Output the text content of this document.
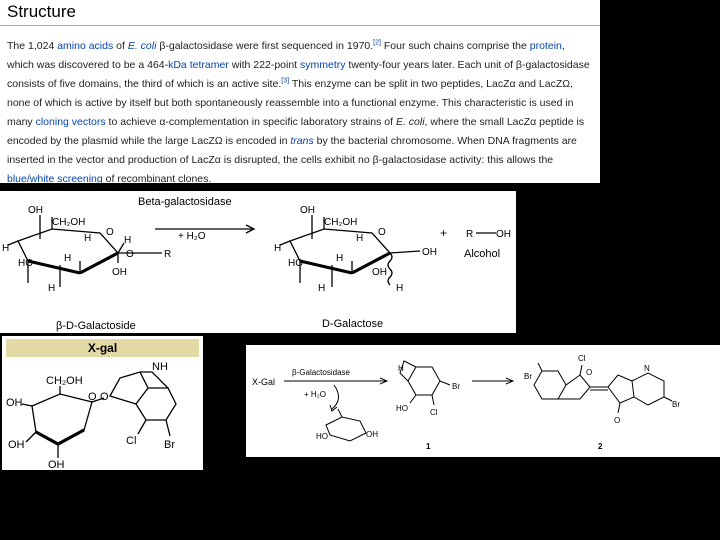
Structure
The 1,024 amino acids of E. coli β-galactosidase were first sequenced in 1970.[2] Four such chains comprise the protein, which was discovered to be a 464-kDa tetramer with 222-point symmetry twenty-four years later. Each unit of β-galactosidase consists of five domains, the third of which is an active site.[3] This enzyme can be split in two peptides, LacZα and LacZΩ, none of which is active by itself but both spontaneously reassemble into a functional enzyme. This characteristic is used in many cloning vectors to achieve α-complementation in specific laboratory strains of E. coli, where the small LacZα peptide is encoded by the plasmid while the large LacZΩ is encoded in trans by the bacterial chromosome. When DNA fragments are inserted in the vector and production of LacZα is disrupted, the cells exhibit no β-galactosidase activity: this allows the blue/white screening of recombinant clones.
Beta-galactosidase
+ H₂O	+
OH
CH₂OH
O
H
HO
H
H
H
OH
O	R
H
OH
CH₂OH
O
H
HO
H
H
OH
OH
H
H
R OH
Alcohol
β-D-Galactoside	D-Galactose
X-gal
CH₂OH
OH	O
OH
OH
O
NH
Cl	Br
X-Gal
β-Galactosidase
+ H₂O
HO	OH
HO	Cl
Br
H
Cl
Br	O
O
N
Br
1	2
